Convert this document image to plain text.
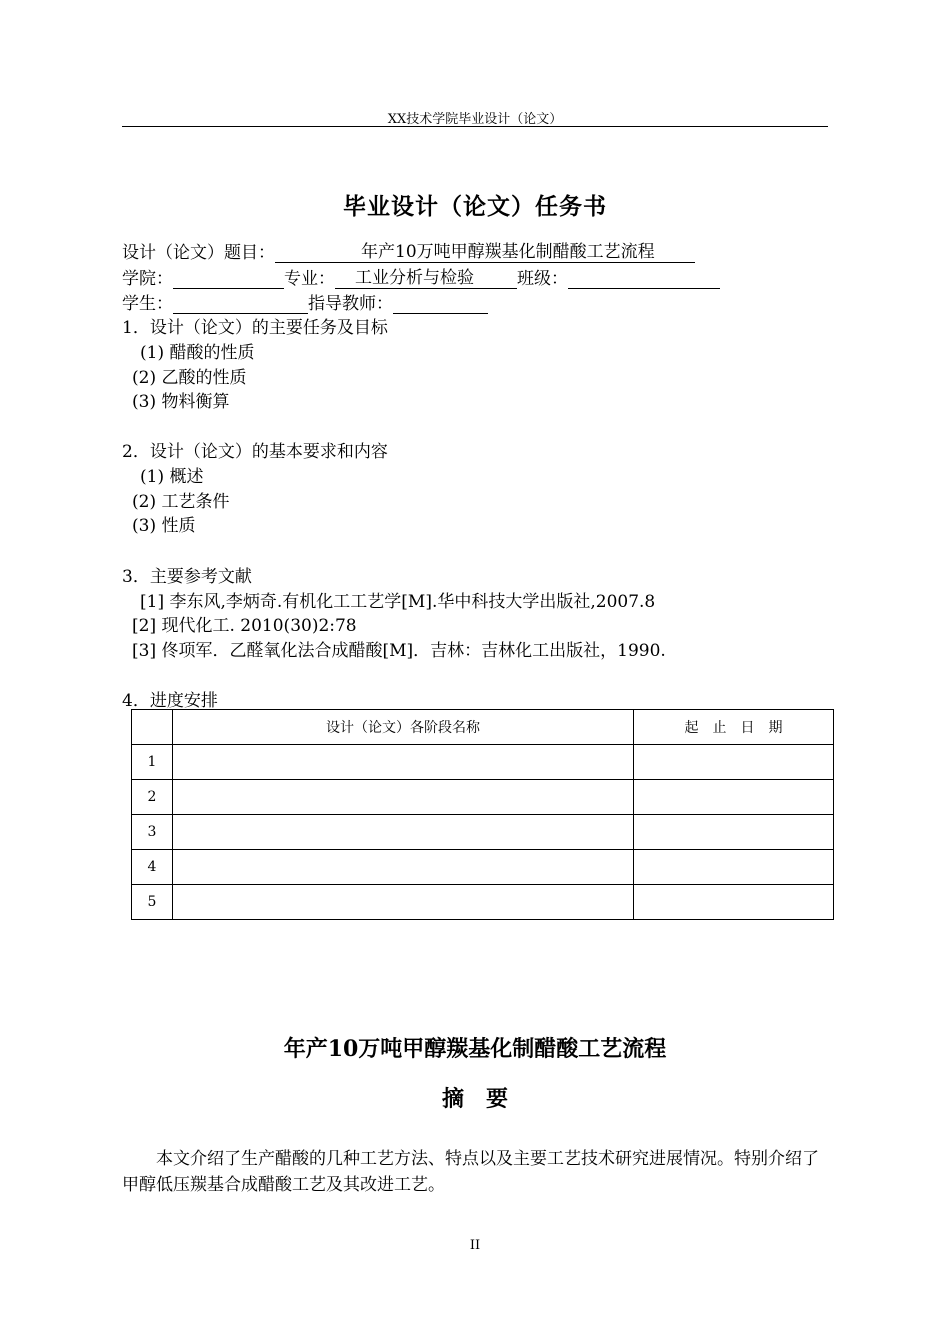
XX技术学院毕业设计（论文）
毕业设计（论文）任务书
设计（论文）题目：	年产10万吨甲醇羰基化制醋酸工艺流程
学院：	专业： 工业分析与检验	班级：
学生：	指导教师：
1．设计（论文）的主要任务及目标
(1) 醋酸的性质
(2) 乙酸的性质
(3) 物料衡算
2．设计（论文）的基本要求和内容
(1) 概述
(2) 工艺条件
(3) 性质
3．主要参考文献
[1] 李东风,李炳奇.有机化工工艺学[M].华中科技大学出版社,2007.8
[2] 现代化工. 2010(30)2:78
[3] 佟项军．乙醛氧化法合成醋酸[M]．吉林：吉林化工出版社，1990.
4．进度安排
	设计（论文）各阶段名称	起　止　日　期
1		
2		
3		
4		
5		
年产10万吨甲醇羰基化制醋酸工艺流程
摘　要
本文介绍了生产醋酸的几种工艺方法、特点以及主要工艺技术研究进展情况。特别介绍了甲醇低压羰基合成醋酸工艺及其改进工艺。
II
